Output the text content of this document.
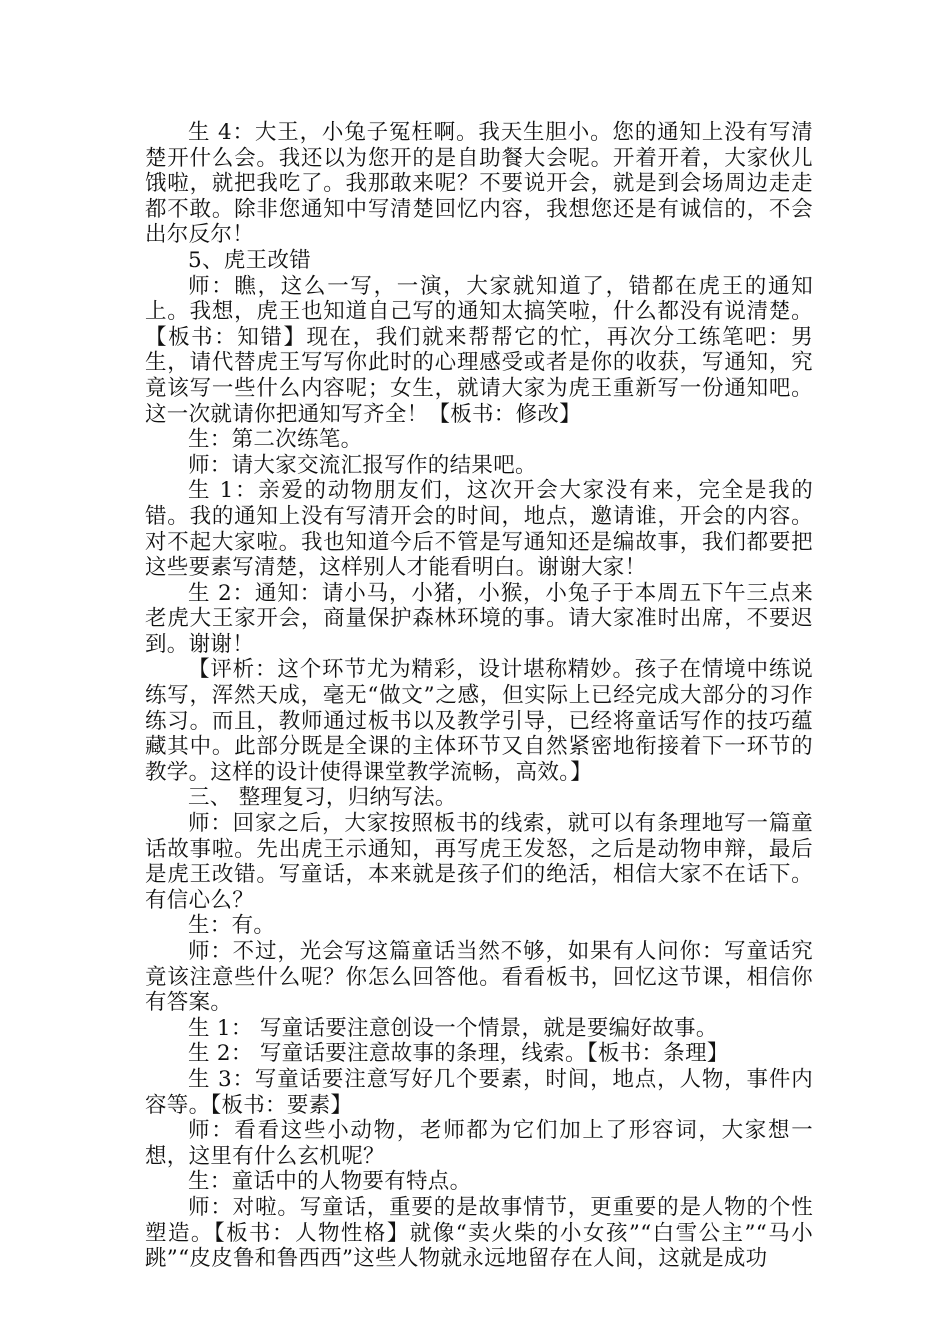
生 4：大王，小兔子冤枉啊。我天生胆小。您的通知上没有写清楚开什么会。我还以为您开的是自助餐大会呢。开着开着，大家伙儿饿啦，就把我吃了。我那敢来呢？不要说开会，就是到会场周边走走都不敢。除非您通知中写清楚回忆内容，我想您还是有诚信的，不会出尔反尔！

5、虎王改错

师：瞧，这么一写，一演，大家就知道了，错都在虎王的通知上。我想，虎王也知道自己写的通知太搞笑啦，什么都没有说清楚。【板书：知错】现在，我们就来帮帮它的忙，再次分工练笔吧：男生，请代替虎王写写你此时的心理感受或者是你的收获，写通知，究竟该写一些什么内容呢；女生，就请大家为虎王重新写一份通知吧。这一次就请你把通知写齐全！【板书：修改】

生：第二次练笔。

师：请大家交流汇报写作的结果吧。

生 1：亲爱的动物朋友们，这次开会大家没有来，完全是我的错。我的通知上没有写清开会的时间，地点，邀请谁，开会的内容。对不起大家啦。我也知道今后不管是写通知还是编故事，我们都要把这些要素写清楚，这样别人才能看明白。谢谢大家！

生 2：通知：请小马，小猪，小猴，小兔子于本周五下午三点来老虎大王家开会，商量保护森林环境的事。请大家准时出席，不要迟到。谢谢！

【评析：这个环节尤为精彩，设计堪称精妙。孩子在情境中练说练写，浑然天成，毫无“做文”之感，但实际上已经完成大部分的习作练习。而且，教师通过板书以及教学引导，已经将童话写作的技巧蕴藏其中。此部分既是全课的主体环节又自然紧密地衔接着下一环节的教学。这样的设计使得课堂教学流畅，高效。】

三、 整理复习，归纳写法。

师：回家之后，大家按照板书的线索，就可以有条理地写一篇童话故事啦。先出虎王示通知，再写虎王发怒，之后是动物申辩，最后是虎王改错。写童话，本来就是孩子们的绝活，相信大家不在话下。有信心么？

生：有。

师：不过，光会写这篇童话当然不够，如果有人问你：写童话究竟该注意些什么呢？你怎么回答他。看看板书，回忆这节课，相信你有答案。

生 1： 写童话要注意创设一个情景，就是要编好故事。

生 2： 写童话要注意故事的条理，线索。【板书：条理】

生 3：写童话要注意写好几个要素，时间，地点，人物，事件内容等。【板书：要素】

师：看看这些小动物，老师都为它们加上了形容词，大家想一想，这里有什么玄机呢？

生：童话中的人物要有特点。

师：对啦。写童话，重要的是故事情节，更重要的是人物的个性塑造。【板书：人物性格】就像“卖火柴的小女孩”“白雪公主”“马小跳”“皮皮鲁和鲁西西”这些人物就永远地留存在人间，这就是成功
